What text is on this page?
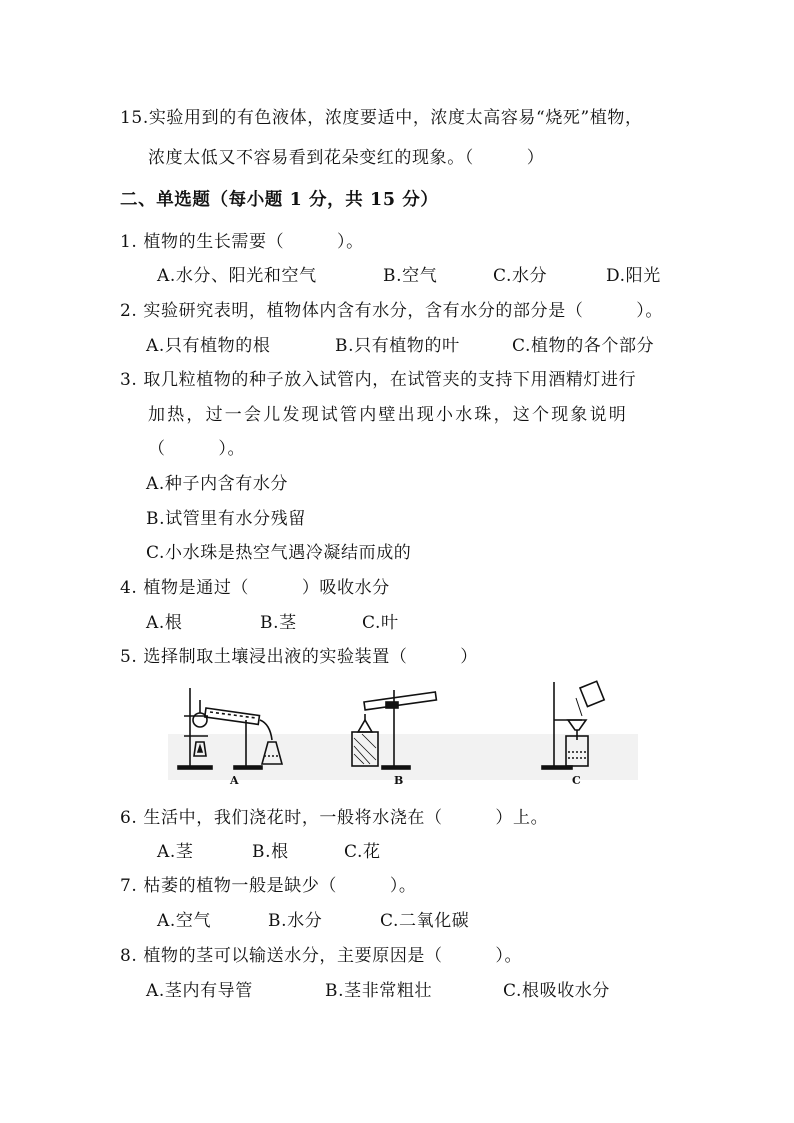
15.实验用到的有色液体，浓度要适中，浓度太高容易“烧死”植物，
浓度太低又不容易看到花朵变红的现象。（　　　）
二、单选题（每小题 1 分，共 15 分）
1. 植物的生长需要（　　　）。
A.水分、阳光和空气	B.空气	C.水分	D.阳光
2. 实验研究表明，植物体内含有水分，含有水分的部分是（　　　）。
A.只有植物的根	B.只有植物的叶	C.植物的各个部分
3. 取几粒植物的种子放入试管内，在试管夹的支持下用酒精灯进行
加热，过一会儿发现试管内壁出现小水珠，这个现象说明
（　　　）。
A.种子内含有水分
B.试管里有水分残留
C.小水珠是热空气遇冷凝结而成的
4. 植物是通过（　　　）吸收水分
A.根	B.茎	C.叶
5. 选择制取土壤浸出液的实验装置（　　　）
A	B	C
6. 生活中，我们浇花时，一般将水浇在（　　　）上。
A.茎	B.根	C.花
7. 枯萎的植物一般是缺少（　　　）。
A.空气	B.水分	C.二氧化碳
8. 植物的茎可以输送水分，主要原因是（　　　）。
A.茎内有导管	B.茎非常粗壮	C.根吸收水分
